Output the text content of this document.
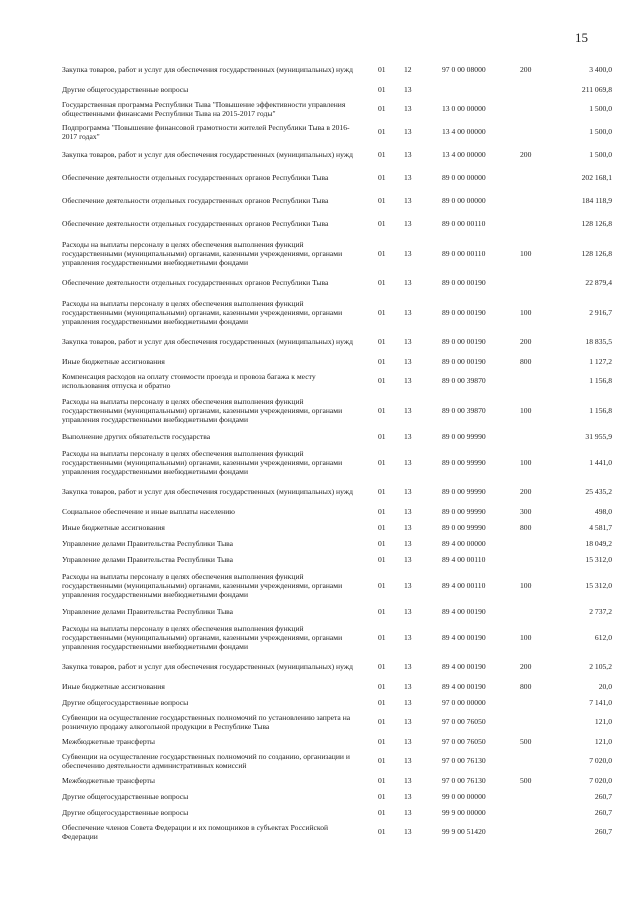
15
Закупка товаров, работ и услуг для обеспечения государственных (муниципальных) нужд	01	12	97 0 00 08000	200	3 400,0
Другие общегосударственные вопросы	01	13			211 069,8
Государственная программа Республики Тыва "Повышение эффективности управления общественными финансами Республики Тыва на 2015-2017 годы"	01	13	13 0 00 00000		1 500,0
Подпрограмма "Повышение финансовой грамотности жителей Республики Тыва в 2016-2017 годах"	01	13	13 4 00 00000		1 500,0
Закупка товаров, работ и услуг для обеспечения государственных (муниципальных) нужд	01	13	13 4 00 00000	200	1 500,0
Обеспечение деятельности отдельных государственных органов Республики Тыва	01	13	89 0 00 00000		202 168,1
Обеспечение деятельности отдельных государственных органов Республики Тыва	01	13	89 0 00 00000		184 118,9
Обеспечение деятельности отдельных государственных органов Республики Тыва	01	13	89 0 00 00110		128 126,8
Расходы на выплаты персоналу в целях обеспечения выполнения функций государственными (муниципальными) органами, казенными учреждениями, органами управления государственными внебюджетными фондами	01	13	89 0 00 00110	100	128 126,8
Обеспечение деятельности отдельных государственных органов Республики Тыва	01	13	89 0 00 00190		22 879,4
Расходы на выплаты персоналу в целях обеспечения выполнения функций государственными (муниципальными) органами, казенными учреждениями, органами управления государственными внебюджетными фондами	01	13	89 0 00 00190	100	2 916,7
Закупка товаров, работ и услуг для обеспечения государственных (муниципальных) нужд	01	13	89 0 00 00190	200	18 835,5
Иные бюджетные ассигнования	01	13	89 0 00 00190	800	1 127,2
Компенсация расходов на оплату стоимости проезда и провоза багажа к месту использования отпуска и обратно	01	13	89 0 00 39870		1 156,8
Расходы на выплаты персоналу в целях обеспечения выполнения функций государственными (муниципальными) органами, казенными учреждениями, органами управления государственными внебюджетными фондами	01	13	89 0 00 39870	100	1 156,8
Выполнение других обязательств государства	01	13	89 0 00 99990		31 955,9
Расходы на выплаты персоналу в целях обеспечения выполнения функций государственными (муниципальными) органами, казенными учреждениями, органами управления государственными внебюджетными фондами	01	13	89 0 00 99990	100	1 441,0
Закупка товаров, работ и услуг для обеспечения государственных (муниципальных) нужд	01	13	89 0 00 99990	200	25 435,2
Социальное обеспечение и иные выплаты населению	01	13	89 0 00 99990	300	498,0
Иные бюджетные ассигнования	01	13	89 0 00 99990	800	4 581,7
Управление делами Правительства Республики Тыва	01	13	89 4 00 00000		18 049,2
Управление делами Правительства Республики Тыва	01	13	89 4 00 00110		15 312,0
Расходы на выплаты персоналу в целях обеспечения выполнения функций государственными (муниципальными) органами, казенными учреждениями, органами управления государственными внебюджетными фондами	01	13	89 4 00 00110	100	15 312,0
Управление делами Правительства Республики Тыва	01	13	89 4 00 00190		2 737,2
Расходы на выплаты персоналу в целях обеспечения выполнения функций государственными (муниципальными) органами, казенными учреждениями, органами управления государственными внебюджетными фондами	01	13	89 4 00 00190	100	612,0
Закупка товаров, работ и услуг для обеспечения государственных (муниципальных) нужд	01	13	89 4 00 00190	200	2 105,2
Иные бюджетные ассигнования	01	13	89 4 00 00190	800	20,0
Другие общегосударственные вопросы	01	13	97 0 00 00000		7 141,0
Субвенции на осуществление государственных полномочий по установлению запрета на розничную продажу алкогольной продукции в Республике Тыва	01	13	97 0 00 76050		121,0
Межбюджетные трансферты	01	13	97 0 00 76050	500	121,0
Субвенции на осуществление государственных полномочий по созданию, организации и обеспечению деятельности административных комиссий	01	13	97 0 00 76130		7 020,0
Межбюджетные трансферты	01	13	97 0 00 76130	500	7 020,0
Другие общегосударственные вопросы	01	13	99 0 00 00000		260,7
Другие общегосударственные вопросы	01	13	99 9 00 00000		260,7
Обеспечение членов Совета Федерации и их помощников в субъектах Российской Федерации	01	13	99 9 00 51420		260,7
